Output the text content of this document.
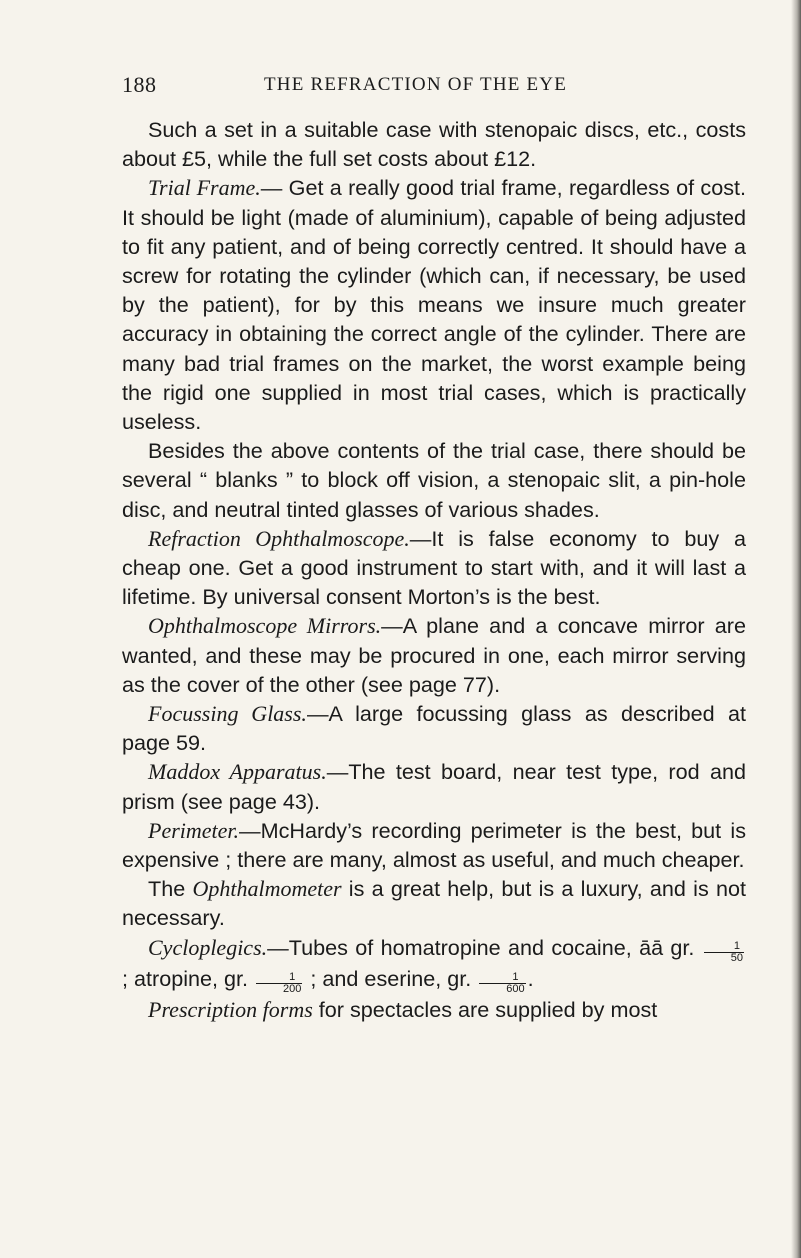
188	THE REFRACTION OF THE EYE

Such a set in a suitable case with stenopaic discs, etc., costs about £5, while the full set costs about £12.

Trial Frame.— Get a really good trial frame, regardless of cost. It should be light (made of aluminium), capable of being adjusted to fit any patient, and of being correctly centred. It should have a screw for rotating the cylinder (which can, if necessary, be used by the patient), for by this means we insure much greater accuracy in obtaining the correct angle of the cylinder. There are many bad trial frames on the market, the worst example being the rigid one supplied in most trial cases, which is practically useless.

Besides the above contents of the trial case, there should be several “ blanks ” to block off vision, a stenopaic slit, a pin-hole disc, and neutral tinted glasses of various shades.

Refraction Ophthalmoscope.—It is false economy to buy a cheap one. Get a good instrument to start with, and it will last a lifetime. By universal consent Morton’s is the best.

Ophthalmoscope Mirrors.—A plane and a concave mirror are wanted, and these may be procured in one, each mirror serving as the cover of the other (see page 77).

Focussing Glass.—A large focussing glass as described at page 59.

Maddox Apparatus.—The test board, near test type, rod and prism (see page 43).

Perimeter.—McHardy’s recording perimeter is the best, but is expensive ; there are many, almost as useful, and much cheaper.

The Ophthalmometer is a great help, but is a luxury, and is not necessary.

Cycloplegics.—Tubes of homatropine and cocaine, āā gr. $\frac{1}{50}$
; atropine, gr. $\frac{1}{200}$ ; and eserine, gr. $\frac{1}{600}$ .

Prescription forms for spectacles are supplied by most
